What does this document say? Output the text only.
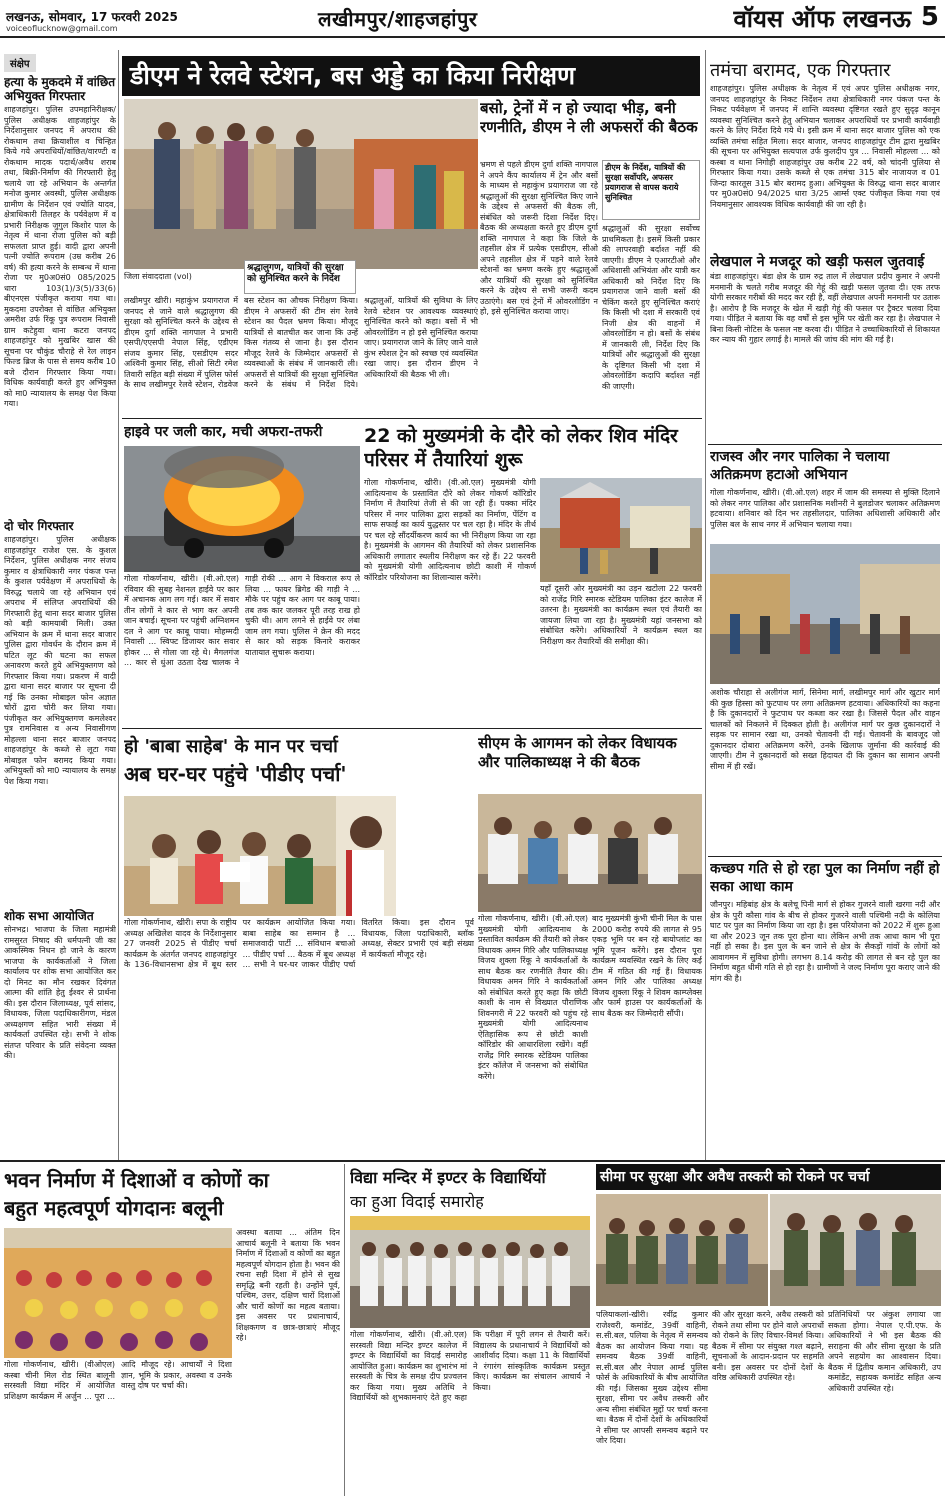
लखनऊ, सोमवार, 17 फरवरी 2025
voiceoflucknow@gmail.com	लखीमपुर/शाहजहांपुर	वॉयस ऑफ लखनऊ 5
संक्षेप
हत्या के मुकदमे में वांछित अभियुक्त गिरफ्तार
शाहजहांपुर। पुलिस उपमहानिरीक्षक/पुलिस अधीक्षक शाहजहांपुर के निर्देशानुसार जनपद में अपराध की रोकथाम तथा क्रियाशील व चिन्हित किये गये अपराधियों/वांछित/वारण्टी व रोकथाम मादक पदार्थ/अवैध शराब तथा, बिक्री-निर्माण की गिरफ्तारी हेतु चलाये जा रहे अभियान के अन्तर्गत मनोज कुमार अवस्थी, पुलिस अधीक्षक ग्रामीण के निर्देशन एवं ज्योति यादव, क्षेत्राधिकारी तिलहर के पर्यवेक्षण में व प्रभारी निरीक्षक जुगुल किशोर पाल के नेतृत्व में थाना रोजा पुलिस को बड़ी सफलता प्राप्त हुई। वादी द्वारा अपनी पत्नी ज्योति रूपराम (उम्र करीब 26 वर्ष) की हत्या करने के सम्बन्ध में थाना रोजा पर मु0अ0सं0 085/2025 धारा 103(1)/3(5)/33(6) बीएनएस पंजीकृत कराया गया था। मुकदमा उपरोक्त से वांछित अभियुक्त अमरीश उर्फ रिंकू पुत्र रूपराम निवासी ग्राम कटेहुवा थाना कटरा जनपद शाहजहांपुर को मुखबिर खास की सूचना पर चौकुंड चौराहे से रेल लाइन फिल्ड ब्रिज के पास से समय करीब 10 बजे दौरान गिरफ्तार किया गया। विधिक कार्यवाही करते हुए अभियुक्त को मा0 न्यायालय के समक्ष पेश किया गया।
दो चोर गिरफ्तार
शाहजहांपुर। पुलिस अधीक्षक शाहजहांपुर राजेश एस. के कुशल निर्देशन, पुलिस अधीक्षक नगर संजय कुमार व क्षेत्राधिकारी नगर पंकज पन्त के कुशल पर्यवेक्षण में अपराधियों के विरुद्ध चलाये जा रहे अभियान एवं अपराध में संलिप्त अपराधियों की गिरफ्तारी हेतु थाना सदर बाजार पुलिस को बड़ी कामयाबी मिली। उक्त अभियान के क्रम में थाना सदर बाजार पुलिस द्वारा गोवर्धन के दौरान क्रम में घटित लूट की घटना का सफल अनावरण करते हुये अभियुक्तगण को गिरफ्तार किया गया। प्रकरण में वादी द्वारा थाना सदर बाजार पर सूचना दी गई कि उनका मोबाइल फोन अज्ञात चोरों द्वारा चोरी कर लिया गया। पंजीकृत कर अभियुक्तगण कमलेश्वर पुत्र रामनिवास व अन्य निवासीगण मोहल्ला थाना सदर बाजार जनपद शाहजहांपुर के कब्जे से लूटा गया मोबाइल फोन बरामद किया गया। अभियुक्तों को मा0 न्यायालय के समक्ष पेश किया गया।
शोक सभा आयोजित
सोनभद्र। भाजपा के जिला महामंत्री रामसुरत निषाद की धर्मपत्नी जी का आकस्मिक निधन हो जाने के कारण भाजपा के कार्यकर्ताओं ने जिला कार्यालय पर शोक सभा आयोजित कर दो मिनट का मौन रखकर दिवंगत आत्मा की शांति हेतु ईश्वर से प्रार्थना की। इस दौरान जिलाध्यक्ष, पूर्व सांसद, विधायक, जिला पदाधिकारीगण, मंडल अध्यक्षगण सहित भारी संख्या में कार्यकर्ता उपस्थित रहे। सभी ने शोक संतप्त परिवार के प्रति संवेदना व्यक्त की।
डीएम ने रेलवे स्टेशन, बस अड्डे का किया निरीक्षण
जिला संवाददाता (vol)
श्रद्धालुगण, यात्रियों की सुरक्षा को सुनिश्चित करने के निर्देश
बसो, ट्रेनों में न हो ज्यादा भीड़, बनी रणनीति, डीएम ने ली अफसरों की बैठक
भ्रमण से पहले डीएम दुर्गा शक्ति नागपाल ने अपने कैंप कार्यालय में ट्रेन और बसों के माध्यम से महाकुंभ प्रयागराज जा रहे श्रद्धालुओं की सुरक्षा सुनिश्चित किए जाने के उद्देश्य से अफसरों की बैठक ली, संबंधित को जरूरी दिशा निर्देश दिए। बैठक की अध्यक्षता करते हुए डीएम दुर्गा शक्ति नागपाल ने कहा कि जिले के तहसील क्षेत्र में प्रत्येक एसडीएम, सीओ अपने तहसील क्षेत्र में पड़ने वाले रेलवे स्टेशनों का भ्रमण करके हुए श्रद्धालुओं और यात्रियों की सुरक्षा को सुनिश्चित करने के उद्देश्य से सभी जरूरी कदम उठाएंगे। बस एवं ट्रेनों में ओवरलोडिंग न हो, इसे सुनिश्चित कराया जाए।
डीएम के निर्देश, यात्रियों की सुरक्षा सर्वोपरि, अफसर प्रयागराज से वापस कराये सुनिश्चित
श्रद्धालुओं की सुरक्षा सर्वोच्च प्राथमिकता है। इसमें किसी प्रकार की लापरवाही बर्दाश्त नहीं की जाएगी। डीएम ने एआरटीओ और अधिशासी अभियंता और यात्री कर अधिकारी को निर्देश दिए कि प्रयागराज जाने वाली बसों की चेकिंग करते हुए सुनिश्चित कराएं कि किसी भी दशा में सरकारी एवं निजी क्षेत्र की वाहनों में ओवरलोडिंग न हो। बसों के संबंध में जानकारी ली, निर्देश दिए कि यात्रियों और श्रद्धालुओं की सुरक्षा के दृष्टिगत किसी भी दशा में ओवरलोडिंग कदापि बर्दाश्त नहीं की जाएगी।
लखीमपुर खीरी। महाकुंभ प्रयागराज में जनपद से जाने वाले श्रद्धालुगण की सुरक्षा को सुनिश्चित करने के उद्देश्य से डीएम दुर्गा शक्ति नागपाल ने प्रभारी एसपी/एएसपी नेपाल सिंह, एडीएम संजय कुमार सिंह, एसडीएम सदर अश्विनी कुमार सिंह, सीओ सिटी रमेश तिवारी सहित बड़ी संख्या में पुलिस फोर्स के साथ लखीमपुर रेलवे स्टेशन, रोडवेज बस स्टेशन का औचक निरीक्षण किया। डीएम ने अफसरों की टीम संग रेलवे स्टेशन का पैदल भ्रमण किया। मौजूद यात्रियों से बातचीत कर जाना कि उन्हें किस गंतव्य से जाना है। इस दौरान मौजूद रेलवे के जिम्मेदार अफसरों से व्यवस्थाओं के संबंध में जानकारी ली। अफसरों से यात्रियों की सुरक्षा सुनिश्चित करने के संबंध में निर्देश दिये। श्रद्धालुओं, यात्रियों की सुविधा के लिए रेलवे स्टेशन पर आवश्यक व्यवस्थाएं सुनिश्चित करने को कहा। बसों में भी ओवरलोडिंग न हो इसे सुनिश्चित कराया जाए। प्रयागराज जाने के लिए जाने वाले कुंभ स्पेशल ट्रेन को स्वच्छ एवं व्यवस्थित रखा जाए। इस दौरान डीएम ने अधिकारियों की बैठक भी ली।
हाइवे पर जली कार, मची अफरा-तफरी
गोला गोकर्णनाथ, खीरी। (वी.ओ.एल) रविवार की सुबह नेशनल हाईवे पर कार में अचानक आग लग गई। कार में सवार तीन लोगों ने कार से भाग कर अपनी जान बचाई। सूचना पर पहुंची अग्निशमन दल ने आग पर काबू पाया। मोहम्मदी निवासी ... स्विफ्ट डिजायर कार सवार होकर ... से गोला जा रहे थे। मैगलगंज ... कार से धुंआ उठता देख चालक ने गाड़ी रोकी ... आग ने विकराल रूप ले लिया ... फायर ब्रिगेड की गाड़ी ने ... मौके पर पहुंच कर आग पर काबू पाया। तब तक कार जलकर पूरी तरह राख हो चुकी थी। आग लगने से हाईवे पर लंबा जाम लग गया। पुलिस ने क्रेन की मदद से कार को सड़क किनारे कराकर यातायात सुचारू कराया।
22 को मुख्यमंत्री के दौरे को लेकर शिव मंदिर परिसर में तैयारियां शुरू
गोला गोकर्णनाथ, खीरी। (वी.ओ.एल) मुख्यमंत्री योगी आदित्यनाथ के प्रस्तावित दौरे को लेकर गोकर्ण कॉरिडोर निर्माण में तैयारियां तेजी से की जा रही हैं। पक्का मंदिर परिसर में नगर पालिका द्वारा सड़कों का निर्माण, पेंटिंग व साफ सफाई का कार्य युद्धस्तर पर चल रहा है। मंदिर के तीर्थ पर चल रहे सौंदर्यीकरण कार्य का भी निरीक्षण किया जा रहा है। मुख्यमंत्री के आगमन की तैयारियों को लेकर प्रशासनिक अधिकारी लगातार स्थलीय निरीक्षण कर रहे हैं। 22 फरवरी को मुख्यमंत्री योगी आदित्यनाथ छोटी काशी में गोकर्ण कॉरिडोर परियोजना का शिलान्यास करेंगे।
यहाँ दूसरी ओर मुख्यमंत्री का उड़न खटोला 22 फरवरी को राजेंद्र गिरि स्मारक स्टेडियम पालिका इंटर कालेज में उतरना है। मुख्यमंत्री का कार्यक्रम स्थल एवं तैयारी का जायजा लिया जा रहा है। मुख्यमंत्री यहां जनसभा को संबोधित करेंगे। अधिकारियों ने कार्यक्रम स्थल का निरीक्षण कर तैयारियों की समीक्षा की।
हो 'बाबा साहेब' के मान पर चर्चा
अब घर-घर पहुंचे 'पीडीए पर्चा'
गोला गोकर्णनाथ, खीरी। सपा के राष्ट्रीय अध्यक्ष अखिलेश यादव के निर्देशानुसार 27 जनवरी 2025 से पीडीए चर्चा कार्यक्रम के अंतर्गत जनपद शाहजहांपुर के 136-विधानसभा क्षेत्र में बूथ स्तर पर कार्यक्रम आयोजित किया गया। बाबा साहेब का सम्मान है ... समाजवादी पार्टी ... संविधान बचाओ ... पीडीए पर्चा ... बैठक में बूथ अध्यक्ष ... सभी ने घर-घर जाकर पीडीए पर्चा वितरित किया। इस दौरान पूर्व विधायक, जिला पदाधिकारी, ब्लॉक अध्यक्ष, सेक्टर प्रभारी एवं बड़ी संख्या में कार्यकर्ता मौजूद रहे।
सीएम के आगमन को लेकर विधायक और पालिकाध्यक्ष ने की बैठक
गोला गोकर्णनाथ, खीरी। (वी.ओ.एल) मुख्यमंत्री योगी आदित्यनाथ के प्रस्तावित कार्यक्रम की तैयारी को लेकर विधायक अमन गिरि और पालिकाध्यक्ष विजय शुक्ला रिंकू ने कार्यकर्ताओं के साथ बैठक कर रणनीति तैयार की। विधायक अमन गिरि ने कार्यकर्ताओं को संबोधित करते हुए कहा कि छोटी काशी के नाम से विख्यात पौराणिक शिवनगरी में 22 फरवरी को पहुंच रहे मुख्यमंत्री योगी आदित्यनाथ ऐतिहासिक रूप से छोटी काशी कॉरिडोर की आधारशिला रखेंगे। वहीं राजेंद्र गिरि स्मारक स्टेडियम पालिका इंटर कॉलेज में जनसभा को संबोधित करेंगे।
बाद मुख्यमंत्री कुंभी चीनी मिल के पास 2000 करोड़ रुपये की लागत से 95 एकड़ भूमि पर बन रहे बायोप्लांट का भूमि पूजन करेंगे। इस दौरान पूरा कार्यक्रम व्यवस्थित रखने के लिए कई टीम में गठित की गई हैं। विधायक अमन गिरि और पालिका अध्यक्ष विजय शुक्ला रिंकू ने शिवम काम्प्लेक्स और फार्म हाउस पर कार्यकर्ताओं के साथ बैठक कर जिम्मेदारी सौंपी।
तमंचा बरामद, एक गिरफ्तार
शाहजहांपुर। पुलिस अधीक्षक के नेतृत्व में एवं अपर पुलिस अधीक्षक नगर, जनपद शाहजहांपुर के निकट निर्देशन तथा क्षेत्राधिकारी नगर पंकज पन्त के निकट पर्यवेक्षण में जनपद में शान्ति व्यवस्था दृष्टिगत रखते हुए सुदृढ़ कानून व्यवस्था सुनिश्चित करने हेतु अभियान चलाकर अपराधियों पर प्रभावी कार्यवाही करने के लिए निर्देश दिये गये थे। इसी क्रम में थाना सदर बाजार पुलिस को एक व्यक्ति तमंचा सहित मिला। सदर बाजार, जनपद शाहजहांपुर टीम द्वारा मुखबिर की सूचना पर अभियुक्त सत्यपाल उर्फ कुलदीप पुत्र ... निवासी मोहल्ला ... को कस्बा व थाना निगोही शाहजहांपुर उम्र करीब 22 वर्ष, को चांदनी पुलिया से गिरफ्तार किया गया। उसके कब्जे से एक तमंचा 315 बोर नाजायज व 01 जिन्दा कारतूस 315 बोर बरामद हुआ। अभियुक्त के विरुद्ध थाना सदर बाजार पर मु0अ0सं0 94/2025 धारा 3/25 आर्म्स एक्ट पंजीकृत किया गया एवं नियमानुसार आवश्यक विधिक कार्यवाही की जा रही है।
लेखपाल ने मजदूर को खड़ी फसल जुतवाई
बंडा शाहजहांपुर। बंडा क्षेत्र के ग्राम रुद्र ताल में लेखपाल प्रदीप कुमार ने अपनी मनमानी के चलते गरीब मजदूर की गेहूं की खड़ी फसल जुतवा दी। एक तरफ योगी सरकार गरीबों की मदद कर रही है, वहीं लेखपाल अपनी मनमानी पर उतारू है। आरोप है कि मजदूर के खेत में खड़ी गेहूं की फसल पर ट्रैक्टर चलवा दिया गया। पीड़ित ने बताया कि वह वर्षों से इस भूमि पर खेती कर रहा है। लेखपाल ने बिना किसी नोटिस के फसल नष्ट करवा दी। पीड़ित ने उच्चाधिकारियों से शिकायत कर न्याय की गुहार लगाई है। मामले की जांच की मांग की गई है।
राजस्व और नगर पालिका ने चलाया अतिक्रमण हटाओ अभियान
गोला गोकर्णनाथ, खीरी। (वी.ओ.एल) शहर में जाम की समस्या से मुक्ति दिलाने को लेकर नगर पालिका और प्रशासनिक मशीनरी ने बुलडोजर चलाकर अतिक्रमण हटवाया। शनिवार को दिन भर तहसीलदार, पालिका अधिशासी अधिकारी और पुलिस बल के साथ नगर में अभियान चलाया गया।
अशोक चौराहा से अलीगंज मार्ग, सिनेमा मार्ग, लखीमपुर मार्ग और खुटार मार्ग की कुछ हिस्सा को फुटपाथ पर लगा अतिक्रमण हटवाया। अधिकारियों का कहना है कि दुकानदारों ने फुटपाथ पर कब्जा कर रखा है। जिससे पैदल और वाहन चालकों को निकलने में दिक्कत होती है। अलीगंज मार्ग पर कुछ दुकानदारों ने सड़क पर सामान रखा था, उनको चेतावनी दी गई। चेतावनी के बावजूद जो दुकानदार दोबारा अतिक्रमण करेंगे, उनके खिलाफ जुर्माना की कार्रवाई की जाएगी। टीम ने दुकानदारों को सख्त हिदायत दी कि दुकान का सामान अपनी सीमा में ही रखें।
कच्छप गति से हो रहा पुल का निर्माण नहीं हो सका आधा काम
जौनपुर। महिबांह क्षेत्र के बलेचू पिनी मार्ग से होकर गुजरने वाली खरगा नदी और क्षेत्र के पुरी कौसा गांव के बीच से होकर गुजरने वाली पश्चिमी नदी के कोलिया घाट पर पुल का निर्माण किया जा रहा है। इस परियोजना को 2022 में शुरू हुआ था और 2023 जून तक पूरा होना था। लेकिन अभी तक आधा काम भी पूरा नहीं हो सका है। इस पुल के बन जाने से क्षेत्र के सैकड़ों गांवों के लोगों को आवागमन में सुविधा होगी। लगभग 8.14 करोड़ की लागत से बन रहे पुल का निर्माण बहुत धीमी गति से हो रहा है। ग्रामीणों ने जल्द निर्माण पूरा कराए जाने की मांग की है।
भवन निर्माण में दिशाओं व कोणों का
बहुत महत्वपूर्ण योगदानः बलूनी
गोला गोकर्णनाथ, खीरी। (वीओएल) कस्बा चीनी मिल रोड स्थित बालूनी सरस्वती विद्या मंदिर में आयोजित प्रशिक्षण कार्यक्रम में अर्जुन ... पूरा ... आदि मौजूद रहे। आचार्यों ने दिशा ज्ञान, भूमि के प्रकार, अवस्था व उनके वास्तु दोष पर चर्चा की।
अवस्था बताया ... अंतिम दिन आचार्य बलूनी ने बताया कि भवन निर्माण में दिशाओं व कोणों का बहुत महत्वपूर्ण योगदान होता है। भवन की रचना सही दिशा में होने से सुख समृद्धि बनी रहती है। उन्होंने पूर्व, पश्चिम, उत्तर, दक्षिण चारों दिशाओं और चारों कोणों का महत्व बताया। इस अवसर पर प्रधानाचार्य, शिक्षकगण व छात्र-छात्राएं मौजूद रहे।
विद्या मन्दिर में इण्टर के विद्यार्थियों
का हुआ विदाई समारोह
गोला गोकर्णनाथ, खीरी। (वी.ओ.एल) सरस्वती विद्या मन्दिर इण्टर कालेज में इण्टर के विद्यार्थियों का विदाई समारोह आयोजित हुआ। कार्यक्रम का शुभारंभ मां सरस्वती के चित्र के समक्ष दीप प्रज्वलन कर किया गया। मुख्य अतिथि ने विद्यार्थियों को शुभकामनाएं देते हुए कहा कि परीक्षा में पूरी लगन से तैयारी करें। विद्यालय के प्रधानाचार्य ने विद्यार्थियों को आशीर्वाद दिया। कक्षा 11 के विद्यार्थियों ने रंगारंग सांस्कृतिक कार्यक्रम प्रस्तुत किए। कार्यक्रम का संचालन आचार्य ने किया।
सीमा पर सुरक्षा और अवैध तस्करी को रोकने पर चर्चा
पलियाकलां-खीरी। रवींद्र कुमार राजेश्वरी, कमांडेंट, 39वीं वाहिनी, स.सी.बल, पलिया के नेतृत्व में समन्वय बैठक का आयोजन किया गया। यह समन्वय बैठक 39वीं वाहिनी, स.सी.बल और नेपाल आर्म्ड पुलिस फोर्स के अधिकारियों के बीच आयोजित की गई। जिसका मुख्य उद्देश्य सीमा सुरक्षा, सीमा पर अवैध तस्करी और अन्य सीमा संबंधित मुद्दों पर चर्चा करना था। बैठक में दोनों देशों के अधिकारियों ने सीमा पर आपसी समन्वय बढ़ाने पर जोर दिया।
की और सुरक्षा करने, अवैध तस्करी को रोकने तथा सीमा पर होने वाले अपराधों को रोकने के लिए विचार-विमर्श किया। बैठक में सीमा पर संयुक्त गश्त बढ़ाने, सूचनाओं के आदान-प्रदान पर सहमति बनी। इस अवसर पर दोनों देशों के वरिष्ठ अधिकारी उपस्थित रहे।
प्रतिनिधियों पर अंकुश लगाया जा सकता होगा। नेपाल ए.पी.एफ. के अधिकारियों ने भी इस बैठक की सराहना की और सीमा सुरक्षा के प्रति अपने सहयोग का आश्वासन दिया। बैठक में द्वितीय कमान अधिकारी, उप कमांडेंट, सहायक कमांडेंट सहित अन्य अधिकारी उपस्थित रहे।
